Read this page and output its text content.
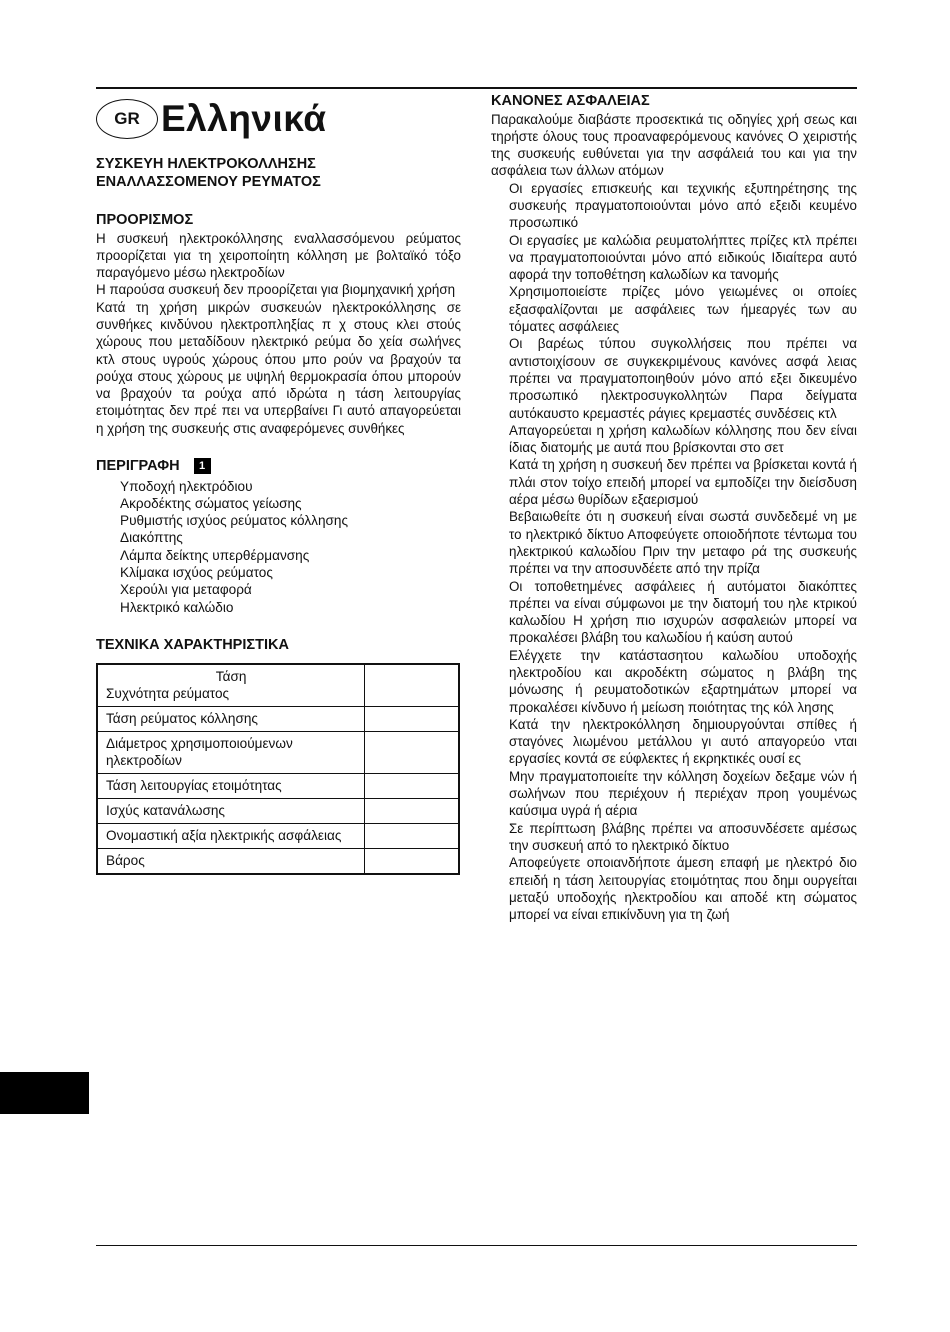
GR Ελληνικά
ΣΥΣΚΕΥΗ ΗΛΕΚΤΡΟΚΟΛΛΗΣΗΣ
ΕΝΑΛΛΑΣΣΟΜΕΝΟΥ ΡΕΥΜΑΤΟΣ
ΠΡΟΟΡΙΣΜΟΣ

Η συσκευή ηλεκτροκόλλησης εναλλασσόμενου ρεύματος προορίζεται για τη χειροποίητη κόλληση με βολταϊκό τόξο παραγόμενο μέσω ηλεκτροδίων

Η παρούσα συσκευή δεν προορίζεται για βιομηχανική χρήση

Κατά τη χρήση μικρών συσκευών ηλεκτροκόλλησης σε συνθήκες κινδύνου ηλεκτροπληξίας π χ στους κλει στούς χώρους που μεταδίδουν ηλεκτρικό ρεύμα δο χεία σωλήνες κτλ στους υγρούς χώρους όπου μπο ρούν να βραχούν τα ρούχα στους χώρους με υψηλή θερμοκρασία όπου μπορούν να βραχούν τα ρούχα από ιδρώτα η τάση λειτουργίας ετοιμότητας δεν πρέ πει να υπερβαίνει Γι αυτό απαγορεύεται η χρήση της συσκευής στις αναφερόμενες συνθήκες

ΠΕΡΙΓΡΑΦΗ 1
Υποδοχή ηλεκτρόδιου
Ακροδέκτης σώματος γείωσης
Ρυθμιστής ισχύος ρεύματος κόλλησης
Διακόπτης
Λάμπα δείκτης υπερθέρμανσης
Κλίμακα ισχύος ρεύματος
Χερούλι για μεταφορά
Ηλεκτρικό καλώδιο
ΤΕΧΝΙΚΑ ΧΑΡΑΚΤΗΡΙΣΤΙΚΑ
Τάση
Συχνότητα ρεύματος	
Τάση ρεύματος κόλλησης	
Διάμετρος χρησιμοποιούμενων ηλεκτροδίων	
Τάση λειτουργίας ετοιμότητας	
Ισχύς κατανάλωσης	
Ονομαστική αξία ηλεκτρικής ασφάλειας	
Βάρος	
ΚΑΝΟΝΕΣ ΑΣΦΑΛΕΙΑΣ

Παρακαλούμε διαβάστε προσεκτικά τις οδηγίες χρή σεως και τηρήστε όλους τους προαναφερόμενους κανόνες Ο χειριστής της συσκευής ευθύνεται για την ασφάλειά του και για την ασφάλεια των άλλων ατόμων

Οι εργασίες επισκευής και τεχνικής εξυπηρέτησης της συσκευής πραγματοποιούνται μόνο από εξειδι κευμένο προσωπικό

Οι εργασίες με καλώδια ρευματολήπτες πρίζες κτλ πρέπει να πραγματοποιούνται μόνο από ειδικούς Ιδιαίτερα αυτό αφορά την τοποθέτηση καλωδίων κα τανομής

Χρησιμοποιείστε πρίζες μόνο γειωμένες οι οποίες εξασφαλίζονται με ασφάλειες των ήμεαργές των αυ τόματες ασφάλειες

Οι βαρέως τύπου συγκολλήσεις που πρέπει να αντιστοιχίσουν σε συγκεκριμένους κανόνες ασφά λειας πρέπει να πραγματοποιηθούν μόνο από εξει δικευμένο προσωπικό ηλεκτροσυγκολλητών Παρα δείγματα αυτόκαυστο κρεμαστές ράγιες κρεμαστές συνδέσεις κτλ

Απαγορεύεται η χρήση καλωδίων κόλλησης που δεν είναι ίδιας διατομής με αυτά που βρίσκονται στο σετ

Κατά τη χρήση η συσκευή δεν πρέπει να βρίσκεται κοντά ή πλάι στον τοίχο επειδή μπορεί να εμποδίζει την διείσδυση αέρα μέσω θυρίδων εξαερισμού

Βεβαιωθείτε ότι η συσκευή είναι σωστά συνδεδεμέ νη με το ηλεκτρικό δίκτυο Αποφεύγετε οποιοδήποτε τέντωμα του ηλεκτρικού καλωδίου Πριν την μεταφο ρά της συσκευής πρέπει να την αποσυνδέετε από την πρίζα

Οι τοποθετημένες ασφάλειες ή αυτόματοι διακόπτες πρέπει να είναι σύμφωνοι με την διατομή του ηλε κτρικού καλωδίου Η χρήση πιο ισχυρών ασφαλειών μπορεί να προκαλέσει βλάβη του καλωδίου ή καύση αυτού

Ελέγχετε την κατάστασητου καλωδίου υποδοχής ηλεκτροδίου και ακροδέκτη σώματος η βλάβη της μόνωσης ή ρευματοδοτικών εξαρτημάτων μπορεί να προκαλέσει κίνδυνο ή μείωση ποιότητας της κόλ λησης

Κατά την ηλεκτροκόλληση δημιουργούνται σπίθες ή σταγόνες λιωμένου μετάλλου γι αυτό απαγορεύο νται εργασίες κοντά σε εύφλεκτες ή εκρηκτικές ουσί ες

Μην πραγματοποιείτε την κόλληση δοχείων δεξαμε νών ή σωλήνων που περιέχουν ή περιέχαν προη γουμένως καύσιμα υγρά ή αέρια

Σε περίπτωση βλάβης πρέπει να αποσυνδέσετε αμέσως την συσκευή από το ηλεκτρικό δίκτυο

Αποφεύγετε οποιανδήποτε άμεση επαφή με ηλεκτρό διο επειδή η τάση λειτουργίας ετοιμότητας που δημι ουργείται μεταξύ υποδοχής ηλεκτροδίου και αποδέ κτη σώματος μπορεί να είναι επικίνδυνη για τη ζωή
